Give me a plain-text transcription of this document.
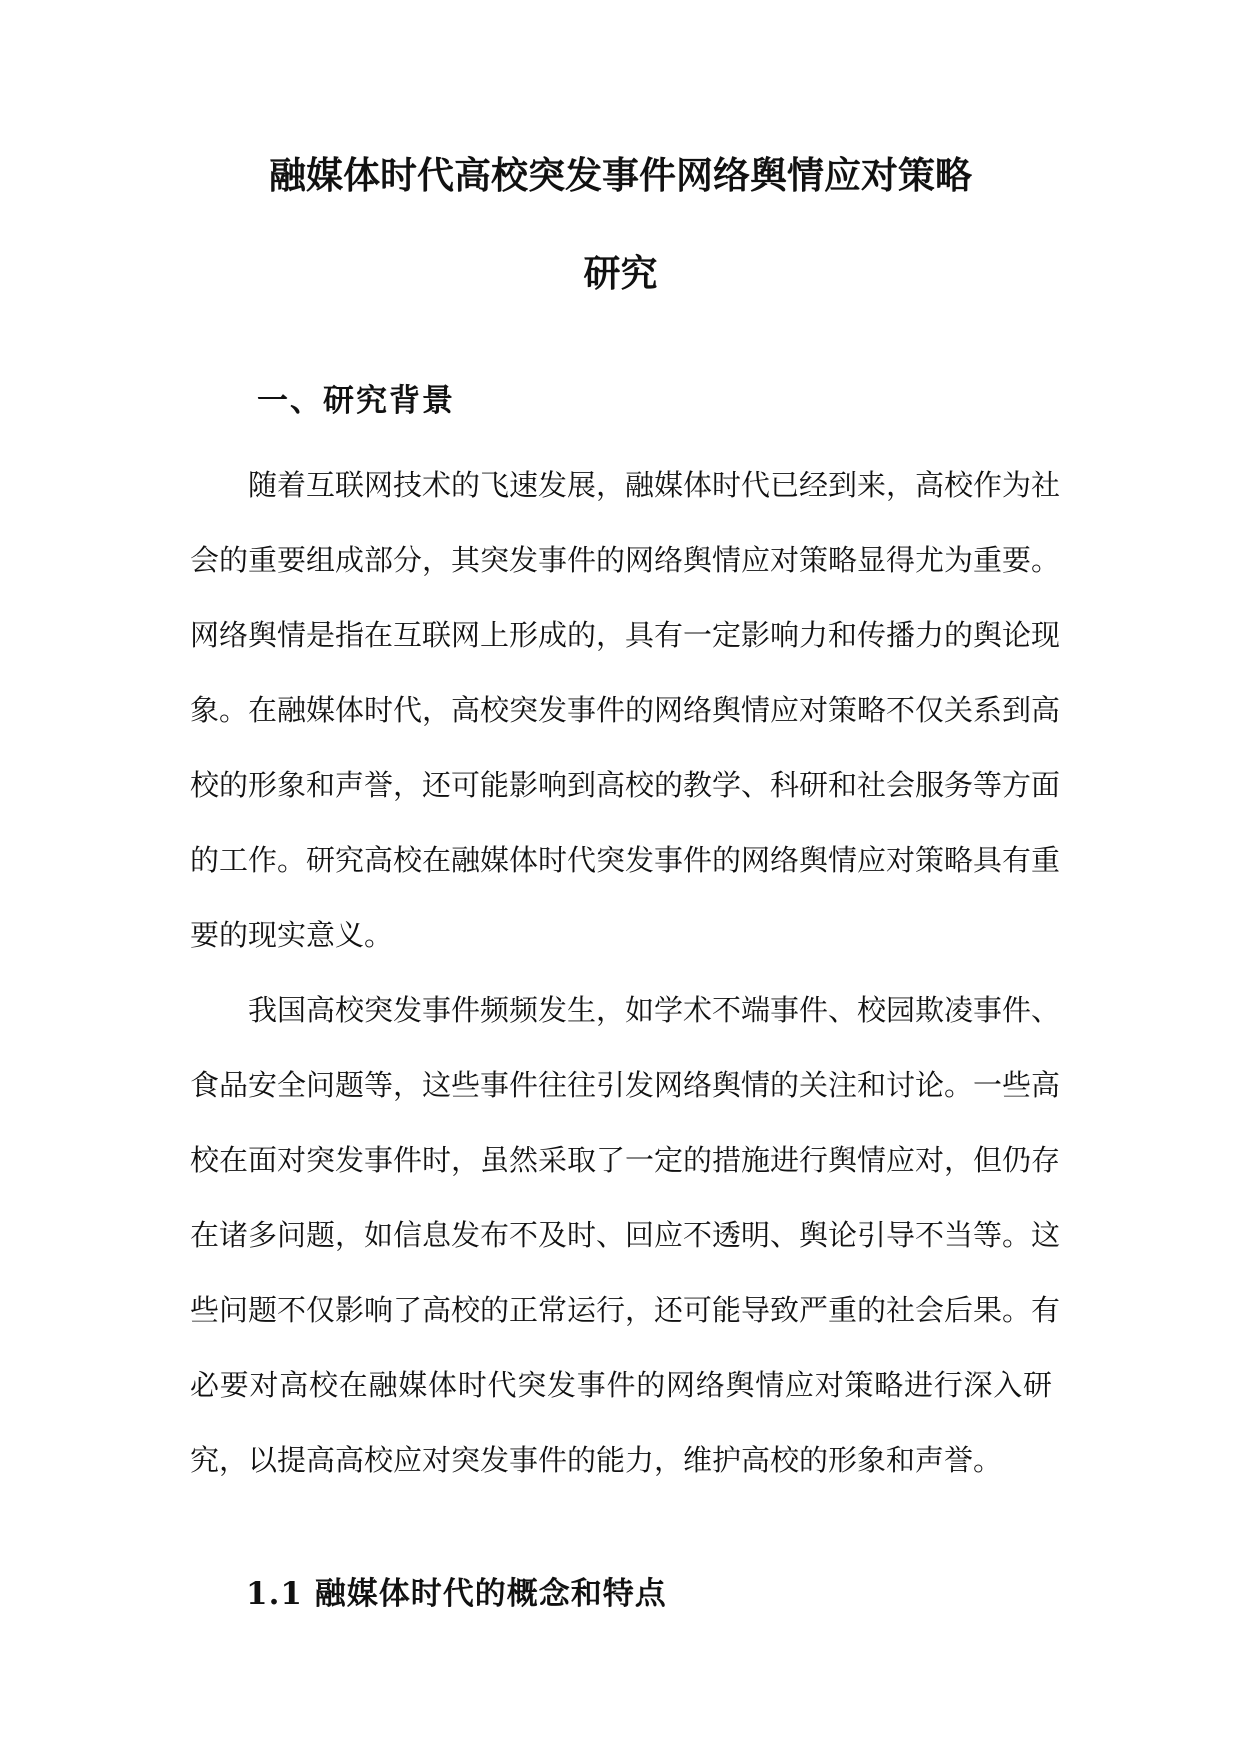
融媒体时代高校突发事件网络舆情应对策略
研究
一、研究背景

随着互联网技术的飞速发展，融媒体时代已经到来，高校作为社

会的重要组成部分，其突发事件的网络舆情应对策略显得尤为重要。

网络舆情是指在互联网上形成的，具有一定影响力和传播力的舆论现

象。在融媒体时代，高校突发事件的网络舆情应对策略不仅关系到高

校的形象和声誉，还可能影响到高校的教学、科研和社会服务等方面

的工作。研究高校在融媒体时代突发事件的网络舆情应对策略具有重

要的现实意义。

我国高校突发事件频频发生，如学术不端事件、校园欺凌事件、

食品安全问题等，这些事件往往引发网络舆情的关注和讨论。一些高

校在面对突发事件时，虽然采取了一定的措施进行舆情应对，但仍存

在诸多问题，如信息发布不及时、回应不透明、舆论引导不当等。这

些问题不仅影响了高校的正常运行，还可能导致严重的社会后果。有

必要对高校在融媒体时代突发事件的网络舆情应对策略进行深入研

究，以提高高校应对突发事件的能力，维护高校的形象和声誉。

1.1 融媒体时代的概念和特点
